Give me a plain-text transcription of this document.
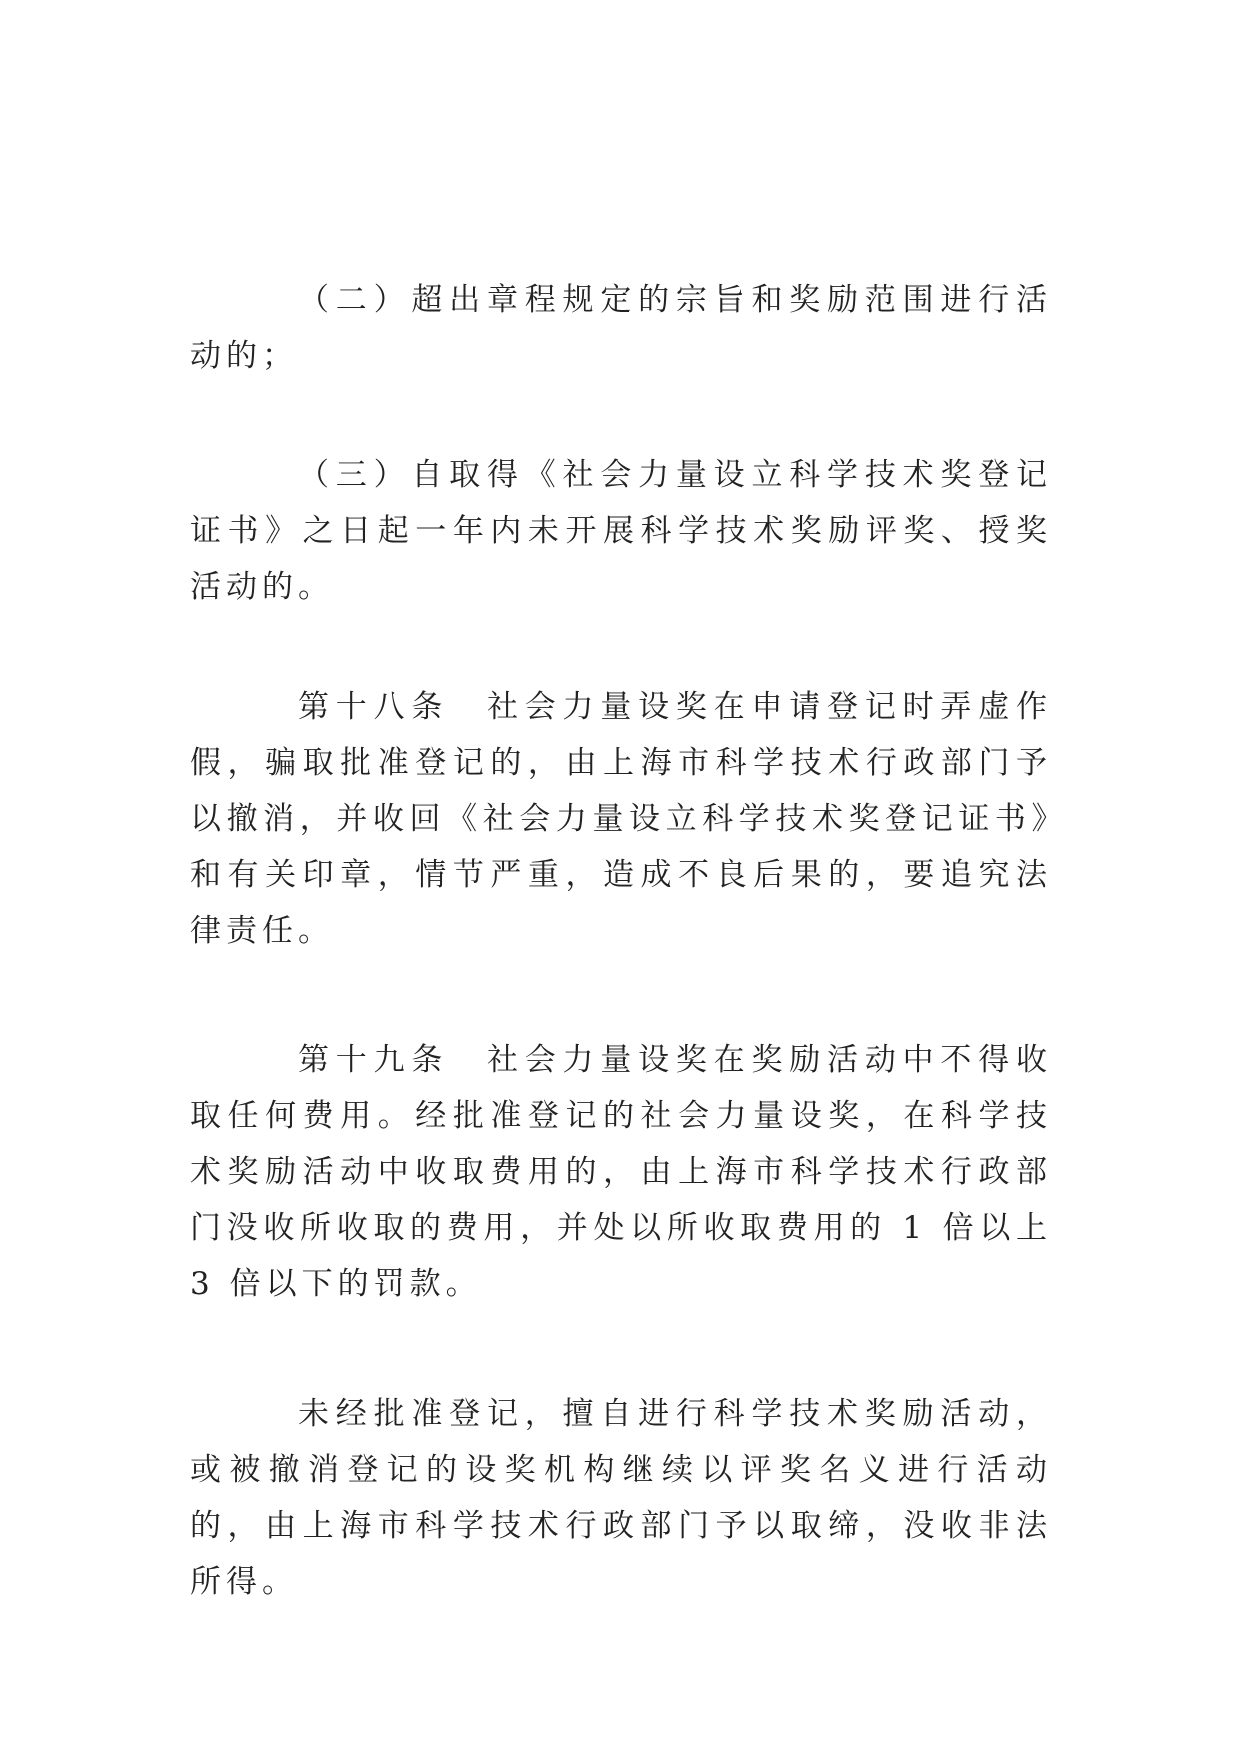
（二）超出章程规定的宗旨和奖励范围进行活动的；

（三）自取得《社会力量设立科学技术奖登记证书》之日起一年内未开展科学技术奖励评奖、授奖活动的。

第十八条　社会力量设奖在申请登记时弄虚作假，骗取批准登记的，由上海市科学技术行政部门予以撤消，并收回《社会力量设立科学技术奖登记证书》和有关印章，情节严重，造成不良后果的，要追究法律责任。

第十九条　社会力量设奖在奖励活动中不得收取任何费用。经批准登记的社会力量设奖，在科学技术奖励活动中收取费用的，由上海市科学技术行政部门没收所收取的费用，并处以所收取费用的 1 倍以上 3 倍以下的罚款。

未经批准登记，擅自进行科学技术奖励活动，或被撤消登记的设奖机构继续以评奖名义进行活动的，由上海市科学技术行政部门予以取缔，没收非法所得。
